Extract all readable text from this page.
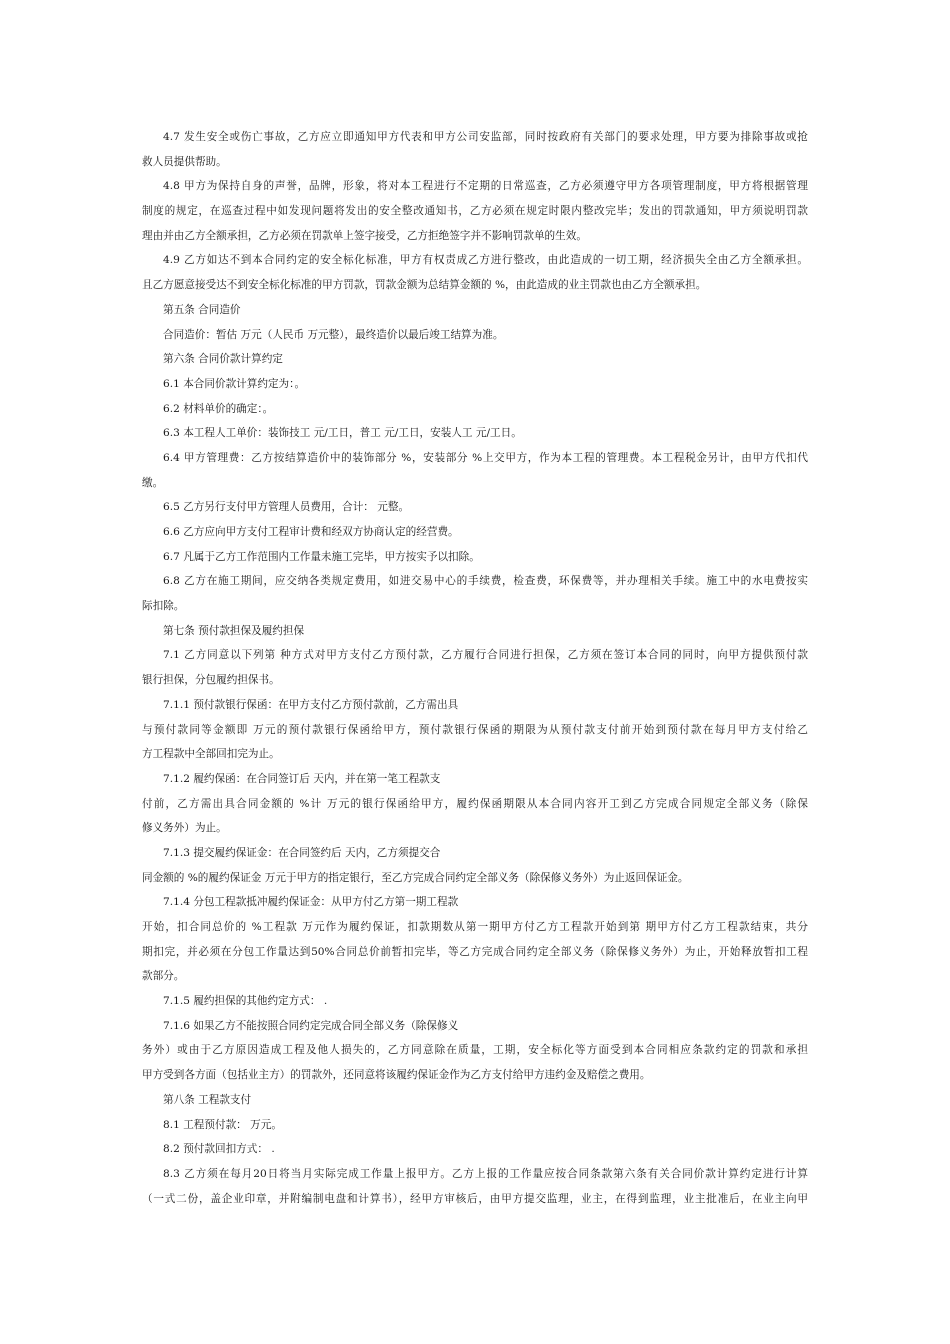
4.7 发生安全或伤亡事故，乙方应立即通知甲方代表和甲方公司安监部，同时按政府有关部门的要求处理，甲方要为排除事故或抢
救人员提供帮助。
4.8 甲方为保持自身的声誉，品牌，形象，将对本工程进行不定期的日常巡查，乙方必须遵守甲方各项管理制度，甲方将根据管理
制度的规定，在巡查过程中如发现问题将发出的安全整改通知书，乙方必须在规定时限内整改完毕；发出的罚款通知，甲方须说明罚款
理由并由乙方全额承担，乙方必须在罚款单上签字接受，乙方拒绝签字并不影响罚款单的生效。
4.9 乙方如达不到本合同约定的安全标化标准，甲方有权责成乙方进行整改，由此造成的一切工期，经济损失全由乙方全额承担。
且乙方愿意接受达不到安全标化标准的甲方罚款，罚款金额为总结算金额的 %，由此造成的业主罚款也由乙方全额承担。
第五条 合同造价
合同造价：暂估 万元（人民币 万元整），最终造价以最后竣工结算为准。
第六条 合同价款计算约定
6.1 本合同价款计算约定为：。
6.2 材料单价的确定：。
6.3 本工程人工单价：装饰技工 元/工日，普工 元/工日，安装人工 元/工日。
6.4 甲方管理费：乙方按结算造价中的装饰部分 %，安装部分 %上交甲方，作为本工程的管理费。本工程税金另计，由甲方代扣代
缴。
6.5 乙方另行支付甲方管理人员费用，合计： 元整。
6.6 乙方应向甲方支付工程审计费和经双方协商认定的经营费。
6.7 凡属于乙方工作范围内工作量未施工完毕，甲方按实予以扣除。
6.8 乙方在施工期间，应交纳各类规定费用，如进交易中心的手续费，检查费，环保费等，并办理相关手续。施工中的水电费按实
际扣除。
第七条 预付款担保及履约担保
7.1 乙方同意以下列第 种方式对甲方支付乙方预付款，乙方履行合同进行担保，乙方须在签订本合同的同时，向甲方提供预付款
银行担保，分包履约担保书。
7.1.1 预付款银行保函：在甲方支付乙方预付款前，乙方需出具
与预付款同等金额即 万元的预付款银行保函给甲方，预付款银行保函的期限为从预付款支付前开始到预付款在每月甲方支付给乙
方工程款中全部回扣完为止。
7.1.2 履约保函：在合同签订后 天内，并在第一笔工程款支
付前，乙方需出具合同金额的 %计 万元的银行保函给甲方，履约保函期限从本合同内容开工到乙方完成合同规定全部义务（除保
修义务外）为止。
7.1.3 提交履约保证金：在合同签约后 天内，乙方须提交合
同金额的 %的履约保证金 万元于甲方的指定银行，至乙方完成合同约定全部义务（除保修义务外）为止返回保证金。
7.1.4 分包工程款抵冲履约保证金：从甲方付乙方第一期工程款
开始，扣合同总价的 %工程款 万元作为履约保证，扣款期数从第一期甲方付乙方工程款开始到第 期甲方付乙方工程款结束，共分
期扣完，并必须在分包工作量达到50%合同总价前暂扣完毕，等乙方完成合同约定全部义务（除保修义务外）为止，开始释放暂扣工程
款部分。
7.1.5 履约担保的其他约定方式： .
7.1.6 如果乙方不能按照合同约定完成合同全部义务（除保修义
务外）或由于乙方原因造成工程及他人损失的，乙方同意除在质量，工期，安全标化等方面受到本合同相应条款约定的罚款和承担
甲方受到各方面（包括业主方）的罚款外，还同意将该履约保证金作为乙方支付给甲方违约金及赔偿之费用。
第八条 工程款支付
8.1 工程预付款： 万元。
8.2 预付款回扣方式： .
8.3 乙方须在每月20日将当月实际完成工作量上报甲方。乙方上报的工作量应按合同条款第六条有关合同价款计算约定进行计算
（一式二份，盖企业印章，并附编制电盘和计算书），经甲方审核后，由甲方提交监理，业主，在得到监理，业主批准后，在业主向甲
